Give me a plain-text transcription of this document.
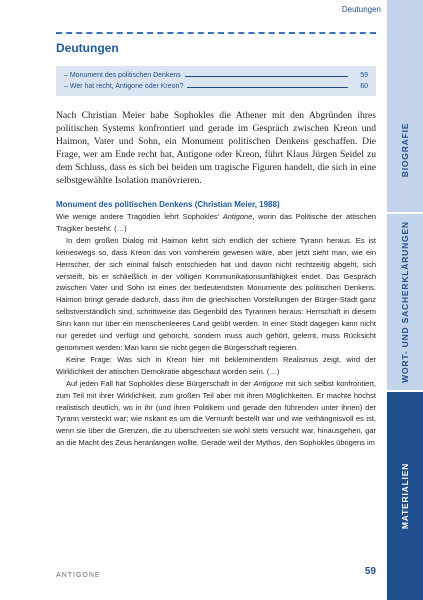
Deutungen
Deutungen
– Monument des politischen Denkens	59
– Wer hat recht, Antigone oder Kreon?	60
Nach Christian Meier habe Sophokles die Athener mit den Abgründen ihres politischen Systems konfrontiert und gerade im Gespräch zwischen Kreon und Haimon, Vater und Sohn, ein Monument politischen Denkens geschaffen. Die Frage, wer am Ende recht hat, Antigone oder Kreon, führt Klaus Jürgen Seidel zu dem Schluss, dass es sich bei beiden um tragische Figuren handelt, die sich in eine selbstgewählte Isolation manövrieren.
Monument des politischen Denkens (Christian Meier, 1988)

Wie wenige andere Tragödien lehrt Sophokles’ Antigone, worin das Politische der attischen Tragiker besteht. (…)

In dem großen Dialog mit Haimon kehrt sich endlich der schiere Tyrann heraus. Es ist keineswegs so, dass Kreon das von vornherein gewesen wäre, aber jetzt sieht man, wie ein Herrscher, der sich einmal falsch entschieden hat und davon nicht rechtzeitig abgeht, sich versteift, bis er schließlich in der völligen Kommunikationsunfähigkeit endet. Das Gespräch zwischen Vater und Sohn ist eines der bedeutendsten Monumente des politischen Denkens. Haimon bringt gerade dadurch, dass ihm die griechischen Vorstellungen der Bürger-Stadt ganz selbstverständlich sind, schrittweise das Gegenbild des Tyrannen heraus: Herrschaft in diesem Sinn kann nur über ein menschenleeres Land geübt werden. In einer Stadt dagegen kann nicht nur geredet und verfügt und gehorcht, sondern muss auch gehört, gelernt, muss Rücksicht genommen werden: Man kann sie nicht gegen die Bürgerschaft regieren.

Keine Frage: Was sich in Kreon hier mit beklemmendem Realismus zeigt, wird der Wirklichkeit der attischen Demokratie abgeschaut worden sein. (…)

Auf jeden Fall hat Sophokles diese Bürgerschaft in der Antigone mit sich selbst konfrontiert, zum Teil mit ihrer Wirklichkeit, zum großen Teil aber mit ihren Möglichkeiten. Er machte höchst realistisch deutlich, wo in ihr (und ihren Politikern und gerade den führenden unter ihnen) der Tyrann versteckt war; wie riskant es um die Vernunft bestellt war und wie verhängnisvoll es ist, wenn sie über die Grenzen, die zu überschreiten sie wohl stets versucht war, hinausgehen, gar an die Macht des Zeus heranlangen wollte. Gerade weil der Mythos, den Sophokles übrigens im

ANTIGONE	59
BIOGRAFIE
WORT- UND SACHERKLÄRUNGEN
MATERIALIEN
